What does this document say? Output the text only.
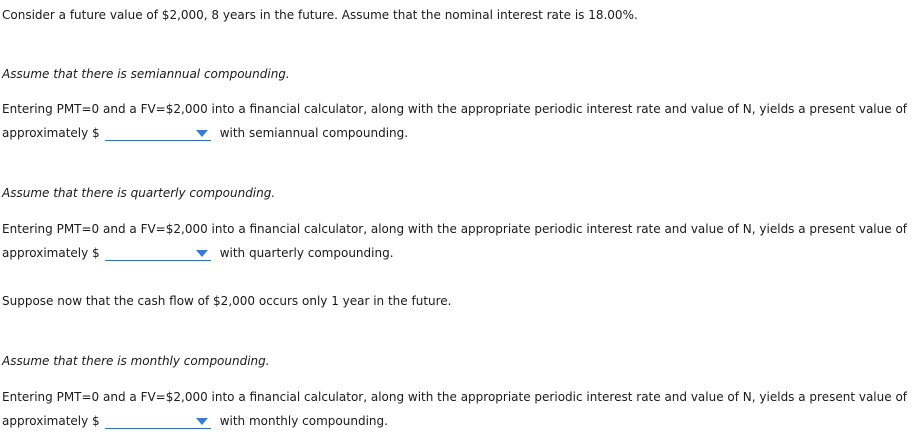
Consider a future value of $2,000, 8 years in the future. Assume that the nominal interest rate is 18.00%.
Assume that there is semiannual compounding.
Entering PMT=0 and a FV=$2,000 into a financial calculator, along with the appropriate periodic interest rate and value of N, yields a present value of
approximately $	with semiannual compounding.
Assume that there is quarterly compounding.
Entering PMT=0 and a FV=$2,000 into a financial calculator, along with the appropriate periodic interest rate and value of N, yields a present value of
approximately $	with quarterly compounding.
Suppose now that the cash flow of $2,000 occurs only 1 year in the future.
Assume that there is monthly compounding.
Entering PMT=0 and a FV=$2,000 into a financial calculator, along with the appropriate periodic interest rate and value of N, yields a present value of
approximately $	with monthly compounding.
